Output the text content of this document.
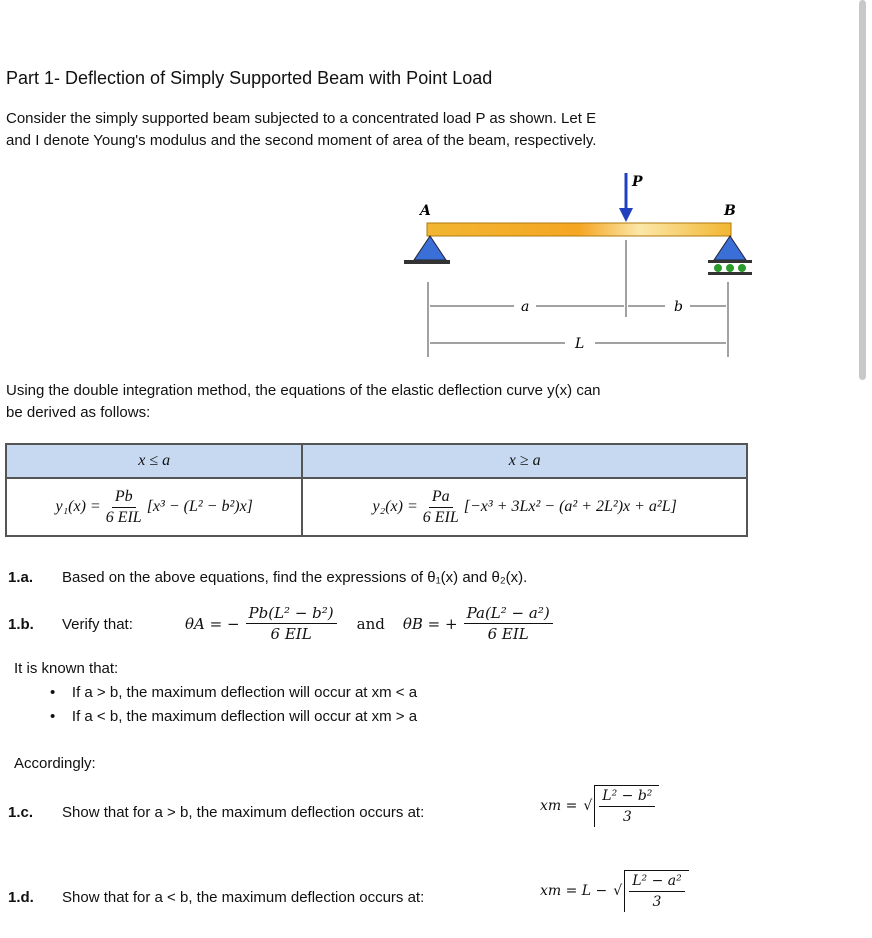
Part 1- Deflection of Simply Supported Beam with Point Load
Consider the simply supported beam subjected to a concentrated load P as shown. Let E
and I denote Young's modulus and the second moment of area of the beam, respectively.
P
A	B
a	b
L
Using the double integration method, the equations of the elastic deflection curve y(x) can
be derived as follows:
x ≤ a	x ≥ a
$y_1(x) = \frac{Pb}{\text{6 EIL}} [x^3 - (L^2 - b^2)x]$	$y_2(x) = \frac{Pa}{\text{6 EIL}} [-x^3 + 3Lx^2 - (a^2 + 2L^2)x + a^2L]$
1.a. Based on the above equations, find the expressions of θ₁(x) and θ₂(x).
1.b. Verify that:	θA = − $\frac{\text{Pb(L² − b²)}}{\text{6 EIL}}$ and θB = + $\frac{\text{Pa(L² − a²)}}{\text{6 EIL}}$
It is known that:
•    If a > b, the maximum deflection will occur at xm < a
•    If a < b, the maximum deflection will occur at xm > a
Accordingly:
1.c. Show that for a > b, the maximum deflection occurs at:	xm = √ $\frac{\text{L² − b²}}{3}$
1.d. Show that for a < b, the maximum deflection occurs at:	xm = L − √ $\frac{\text{L² − a²}}{3}$
